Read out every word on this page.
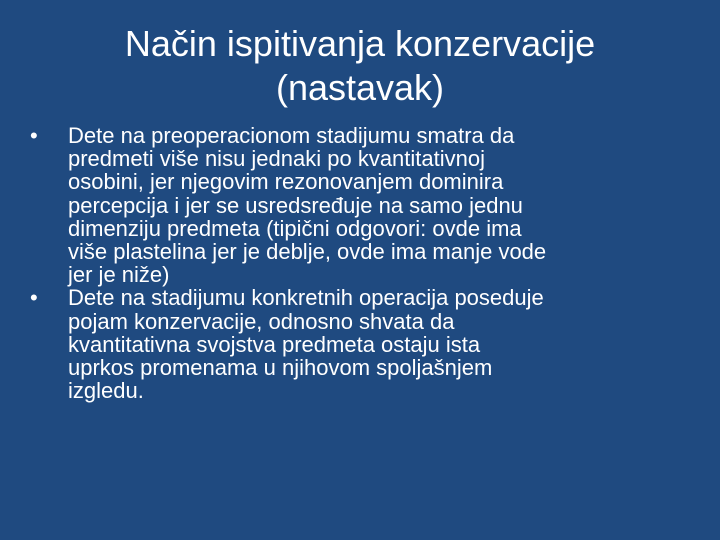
Način ispitivanja konzervacije
(nastavak)
•	Dete na preoperacionom stadijumu smatra da
predmeti više nisu jednaki po kvantitativnoj
osobini, jer njegovim rezonovanjem dominira
percepcija i jer se usredsređuje na samo jednu
dimenziju predmeta (tipični odgovori: ovde ima
više plastelina jer je deblje, ovde ima manje vode
jer je niže)
•	Dete na stadijumu konkretnih operacija poseduje
pojam konzervacije, odnosno shvata da
kvantitativna svojstva predmeta ostaju ista
uprkos promenama u njihovom spoljašnjem
izgledu.
